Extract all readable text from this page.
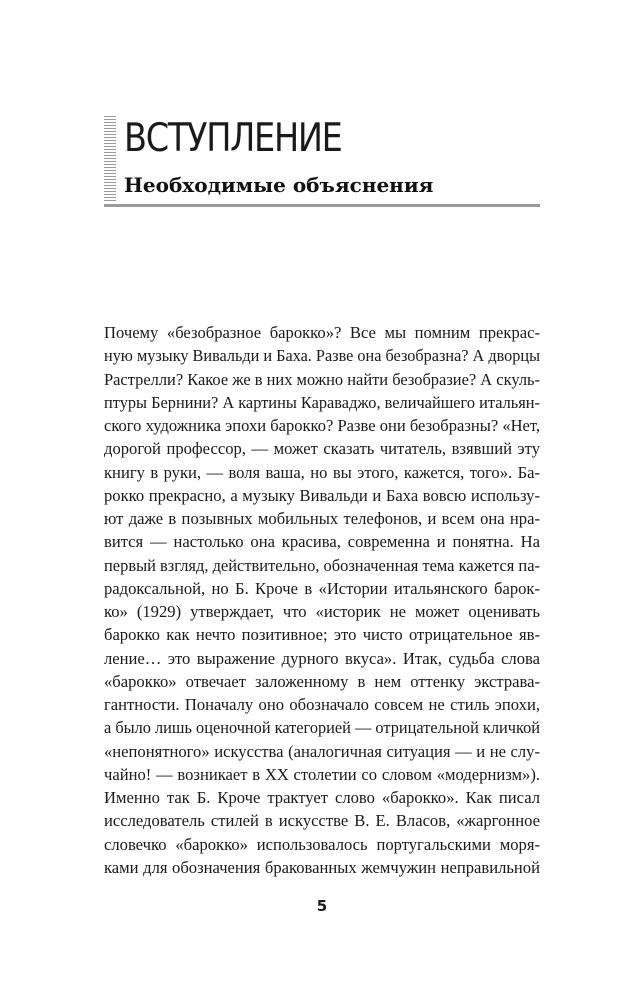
ВСТУПЛЕНИЕ
Необходимые объяснения
Почему «безобразное барокко»? Все мы помним прекрас-
ную музыку Вивальди и Баха. Разве она безобразна? А дворцы
Растрелли? Какое же в них можно найти безобразие? А скуль-
птуры Бернини? А картины Караваджо, величайшего итальян-
ского художника эпохи барокко? Разве они безобразны? «Нет,
дорогой профессор, — может сказать читатель, взявший эту
книгу в руки, — воля ваша, но вы этого, кажется, того». Ба-
рокко прекрасно, а музыку Вивальди и Баха вовсю использу-
ют даже в позывных мобильных телефонов, и всем она нра-
вится — настолько она красива, современна и понятна. На
первый взгляд, действительно, обозначенная тема кажется па-
радоксальной, но Б. Кроче в «Истории итальянского барок-
ко» (1929) утверждает, что «историк не может оценивать
барокко как нечто позитивное; это чисто отрицательное яв-
ление… это выражение дурного вкуса». Итак, судьба слова
«барокко» отвечает заложенному в нем оттенку экстрава-
гантности. Поначалу оно обозначало совсем не стиль эпохи,
а было лишь оценочной категорией — отрицательной кличкой
«непонятного» искусства (аналогичная ситуация — и не слу-
чайно! — возникает в XX столетии со словом «модернизм»).
Именно так Б. Кроче трактует слово «барокко». Как писал
исследователь стилей в искусстве В. Е. Власов, «жаргонное
словечко «барокко» использовалось португальскими моря-
ками для обозначения бракованных жемчужин неправильной
5
